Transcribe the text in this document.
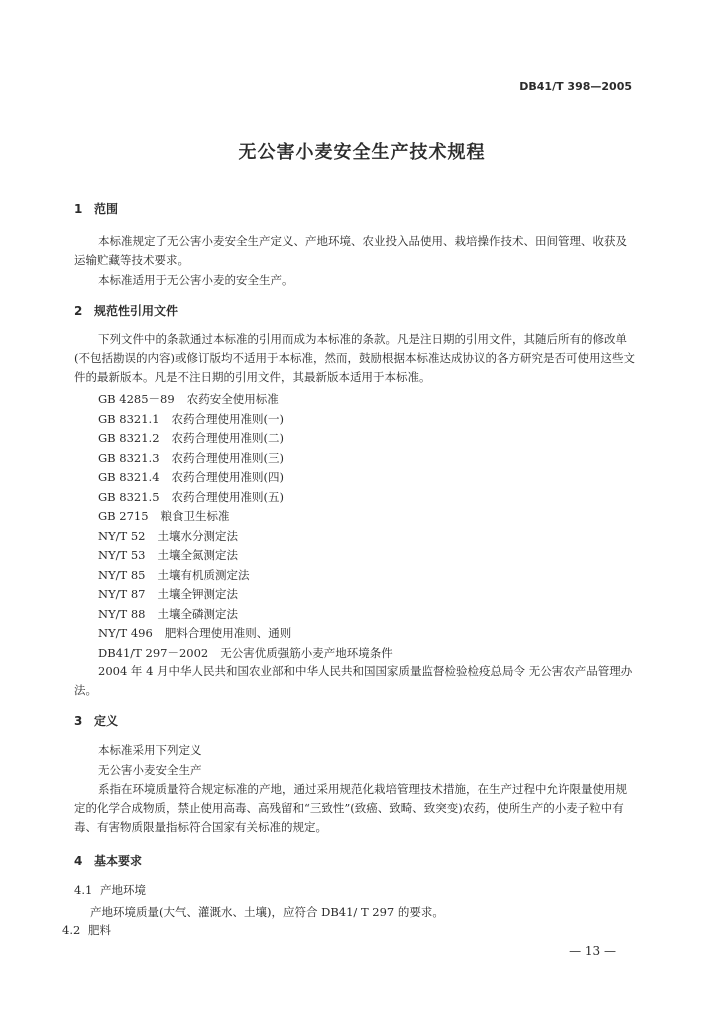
DB41/T 398—2005
无公害小麦安全生产技术规程
1 范围
本标准规定了无公害小麦安全生产定义、产地环境、农业投入品使用、栽培操作技术、田间管理、收获及运输贮藏等技术要求。
本标准适用于无公害小麦的安全生产。
2 规范性引用文件
下列文件中的条款通过本标准的引用而成为本标准的条款。凡是注日期的引用文件，其随后所有的修改单(不包括勘误的内容)或修订版均不适用于本标准，然而，鼓励根据本标准达成协议的各方研究是否可使用这些文件的最新版本。凡是不注日期的引用文件，其最新版本适用于本标准。
GB 4285－89 农药安全使用标准
GB 8321.1 农药合理使用准则(一)
GB 8321.2 农药合理使用准则(二)
GB 8321.3 农药合理使用准则(三)
GB 8321.4 农药合理使用准则(四)
GB 8321.5 农药合理使用准则(五)
GB 2715 粮食卫生标准
NY/T 52 土壤水分测定法
NY/T 53 土壤全氮测定法
NY/T 85 土壤有机质测定法
NY/T 87 土壤全钾测定法
NY/T 88 土壤全磷测定法
NY/T 496 肥料合理使用准则、通则
DB41/T 297－2002 无公害优质强筋小麦产地环境条件
2004 年 4 月中华人民共和国农业部和中华人民共和国国家质量监督检验检疫总局令 无公害农产品管理办法。
3 定义
本标准采用下列定义
无公害小麦安全生产
系指在环境质量符合规定标准的产地，通过采用规范化栽培管理技术措施，在生产过程中允许限量使用规定的化学合成物质，禁止使用高毒、高残留和“三致性”(致癌、致畸、致突变)农药，使所生产的小麦子粒中有毒、有害物质限量指标符合国家有关标准的规定。
4 基本要求
4.1 产地环境
产地环境质量(大气、灌溉水、土壤)，应符合 DB41/ T 297 的要求。
4.2 肥料
— 13 —
